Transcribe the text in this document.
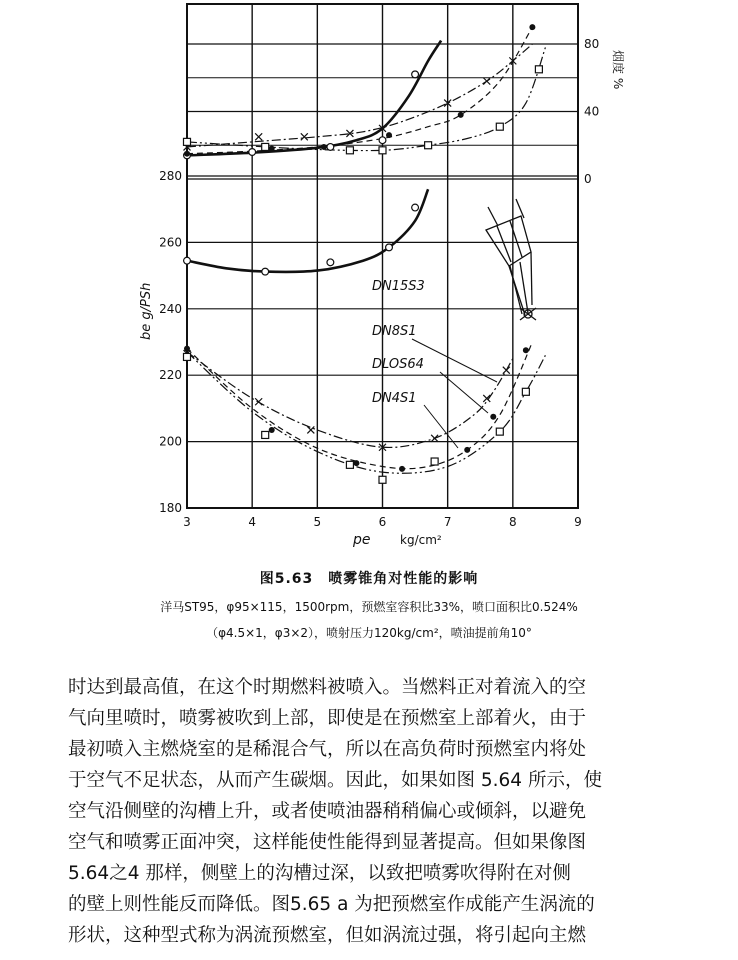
3	4	5	6	7	8	9
180
200
220
240
260
280	0
40
80
pe kg/cm²
be g/PSh
烟度 %
DN15S3
DN8S1
DLOS64
DN4S1
图5.63　喷雾锥角对性能的影响
洋马ST95，φ95×115，1500rpm，预燃室容积比33%，喷口面积比0.524%
（φ4.5×1，φ3×2），喷射压力120kg/cm²，喷油提前角10°

时达到最高值，在这个时期燃料被喷入。当燃料正对着流入的空

气向里喷时，喷雾被吹到上部，即使是在预燃室上部着火，由于

最初喷入主燃烧室的是稀混合气，所以在高负荷时预燃室内将处

于空气不足状态，从而产生碳烟。因此，如果如图 5.64 所示，使

空气沿侧壁的沟槽上升，或者使喷油器稍稍偏心或倾斜，以避免

空气和喷雾正面冲突，这样能使性能得到显著提高。但如果像图

5.64之4 那样，侧壁上的沟槽过深，以致把喷雾吹得附在对侧

的壁上则性能反而降低。图5.65 a 为把预燃室作成能产生涡流的

形状，这种型式称为涡流预燃室，但如涡流过强，将引起向主燃
